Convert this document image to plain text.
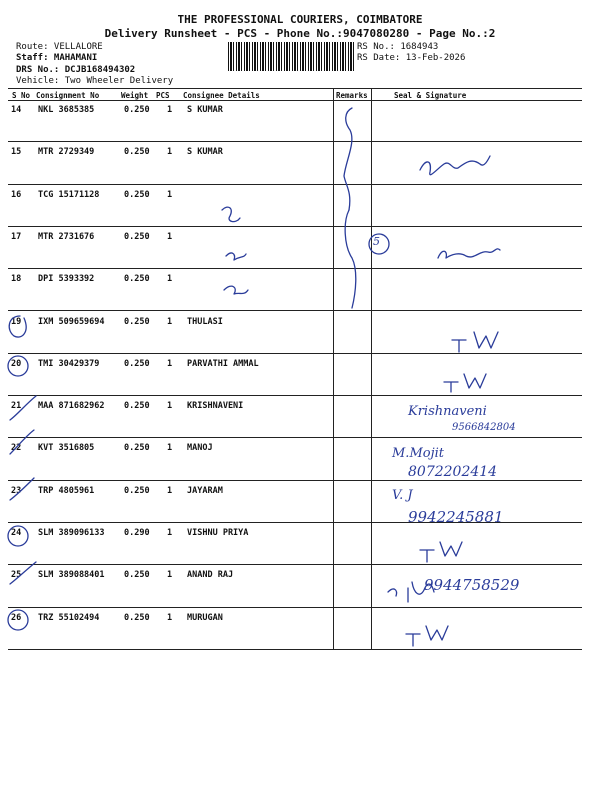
THE PROFESSIONAL COURIERS, COIMBATORE
Delivery Runsheet - PCS - Phone No.:9047080280 - Page No.:2
Route: VELLALORE
Staff: MAHAMANI
DRS No.: DCJB168494302
Vehicle: Two Wheeler Delivery
RS No.: 1684943
RS Date: 13-Feb-2026
S No Consignment No	Weight PCS Consignee Details	Remarks	Seal & Signature
14 NKL 3685385	0.250 1 S KUMAR
15 MTR 2729349	0.250 1 S KUMAR
16 TCG 15171128	0.250 1
17 MTR 2731676	0.250 1
18 DPI 5393392	0.250 1
19 IXM 509659694 0.250 1 THULASI
20 TMI 30429379	0.250 1 PARVATHI AMMAL
21 MAA 871682962 0.250 1 KRISHNAVENI
22 KVT 3516805	0.250 1 MANOJ
23 TRP 4805961	0.250 1 JAYARAM
24 SLM 389096133 0.290 1 VISHNU PRIYA
25 SLM 389088401 0.250 1 ANAND RAJ
26 TRZ 55102494	0.250 1 MURUGAN
5
Krishnaveni
9566842804
M.Mojit
8072202414
V. J
9942245881
9944758529
